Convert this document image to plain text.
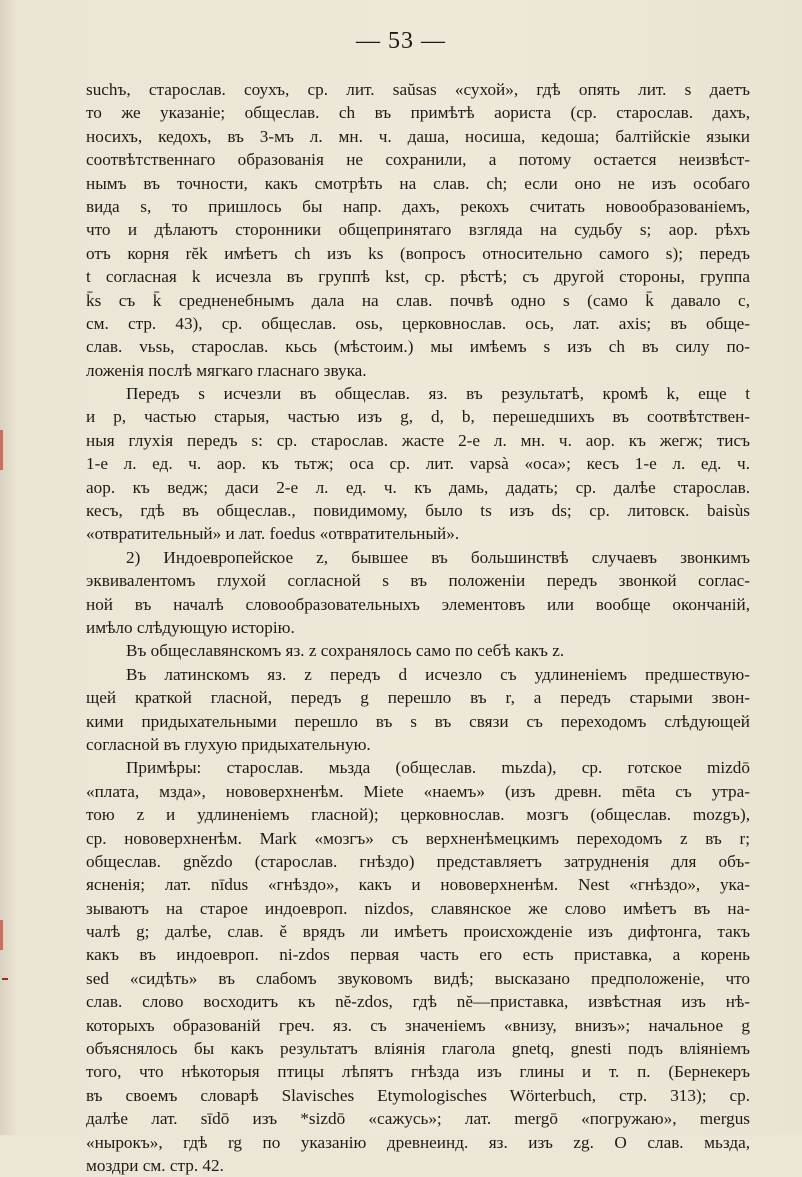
— 53 —
suchъ, старослав. соухъ, ср. лит. saŭsas «сухой», гдѣ опять лит. s даетъ
то же указаніе; общеслав. ch въ примѣтѣ аориста (ср. старослав. дахъ,
носихъ, кедохъ, въ 3-мъ л. мн. ч. даша, носиша, кедоша; балтійскіе языки
соотвѣтственнаго образованія не сохранили, а потому остается неизвѣст-
нымъ въ точности, какъ смотрѣть на слав. ch; если оно не изъ особаго
вида s, то пришлось бы напр. дахъ, рекохъ считать новообразованіемъ,
что и дѣлаютъ сторонники общепринятаго взгляда на судьбу s; аор. рѣхъ
отъ корня rĕk имѣетъ ch изъ ks (вопросъ относительно самого s); передъ
t согласная k исчезла въ группѣ kst, ср. рѣстѣ; съ другой стороны, группа
k̄s съ k̄ средненебнымъ дала на слав. почвѣ одно s (само k̄ давало c,
см. стр. 43), ср. общеслав. osь, церковнослав. ось, лат. axis; въ обще-
слав. vьsь, старослав. кьсь (мѣстоим.) мы имѣемъ s изъ ch въ силу по-
ложенія послѣ мягкаго гласнаго звука.
Передъ s исчезли въ общеслав. яз. въ результатѣ, кромѣ k, еще t
и p, частью старыя, частью изъ g, d, b, перешедшихъ въ соотвѣтствен-
ныя глухія передъ s: ср. старослав. жасте 2-е л. мн. ч. аор. къ жегж; тисъ
1-е л. ед. ч. аор. къ тьтж; оса ср. лит. vapsà «оса»; кесъ 1-е л. ед. ч.
аор. къ ведж; даси 2-е л. ед. ч. къ дамь, дадать; ср. далѣе старослав.
кесъ, гдѣ въ общеслав., повидимому, было ts изъ ds; ср. литовск. baisùs
«отвратительный» и лат. foedus «отвратительный».
2) Индоевропейское z, бывшее въ большинствѣ случаевъ звонкимъ
эквивалентомъ глухой согласной s въ положеніи передъ звонкой соглас-
ной въ началѣ словообразовательныхъ элементовъ или вообще окончаній,
имѣло слѣдующую исторію.
Въ общеславянскомъ яз. z сохранялось само по себѣ какъ z.
Въ латинскомъ яз. z передъ d исчезло съ удлиненіемъ предшествую-
щей краткой гласной, передъ g перешло въ r, а передъ старыми звон-
кими придыхательными перешло въ s въ связи съ переходомъ слѣдующей
согласной въ глухую придыхательную.
Примѣры: старослав. мьзда (общеслав. mьzda), ср. готское mizdō
«плата, мзда», нововерхненѣм. Miete «наемъ» (изъ древн. mēta съ утра-
тою z и удлиненіемъ гласной); церковнослав. мозгъ (общеслав. mozgъ),
ср. нововерхненѣм. Mark «мозгъ» съ верхненѣмецкимъ переходомъ z въ r;
общеслав. gnězdo (старослав. гнѣздо) представляетъ затрудненія для объ-
ясненія; лат. nīdus «гнѣздо», какъ и нововерхненѣм. Nest «гнѣздо», ука-
зываютъ на старое индоевроп. nizdos, славянское же слово имѣетъ въ на-
чалѣ g; далѣе, слав. ě врядъ ли имѣетъ происхожденіе изъ дифтонга, такъ
какъ въ индоевроп. ni-zdos первая часть его есть приставка, а корень
sed «сидѣть» въ слабомъ звуковомъ видѣ; высказано предположеніе, что
слав. слово восходитъ къ nĕ-zdos, гдѣ nĕ—приставка, извѣстная изъ нѣ-
которыхъ образованій греч. яз. съ значеніемъ «внизу, внизъ»; начальное g
объяснялось бы какъ результатъ вліянія глагола gnetq, gnesti подъ вліяніемъ
того, что нѣкоторыя птицы лѣпятъ гнѣзда изъ глины и т. п. (Бернекеръ
въ своемъ словарѣ Slavisches Etymologisches Wörterbuch, стр. 313); ср.
далѣе лат. sīdō изъ *sizdō «сажусь»; лат. mergō «погружаю», mergus
«нырокъ», гдѣ rg по указанію древнеинд. яз. изъ zg. О слав. мьзда,
моздри см. стр. 42.
